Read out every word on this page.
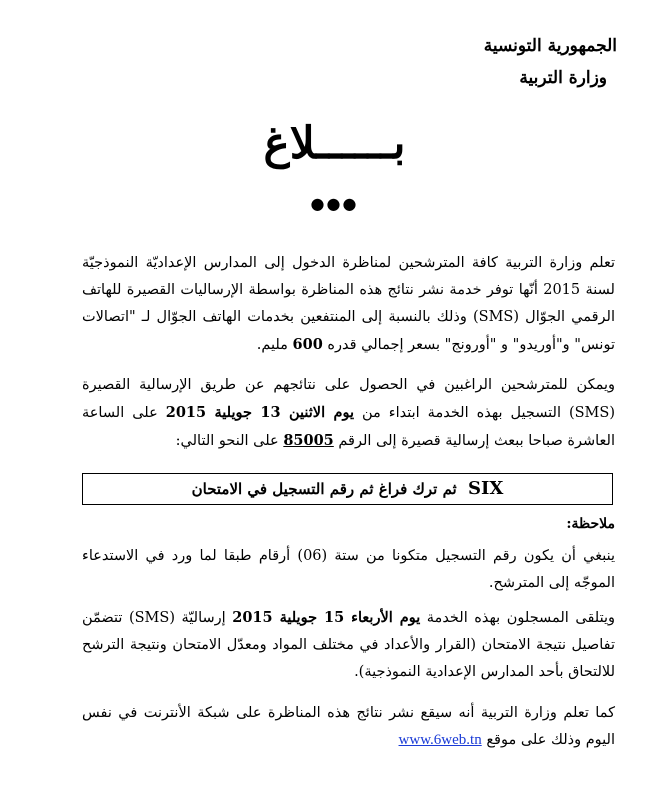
الجمهورية التونسية
وزارة التربية
بــــــلاغ
●●●
تعلم وزارة التربية كافة المترشحين لمناظرة الدخول إلى المدارس الإعداديّة النموذجيّة لسنة 2015 أنّها توفر خدمة نشر نتائج هذه المناظرة بواسطة الإرساليات القصيرة للهاتف الرقمي الجوّال (SMS) وذلك بالنسبة إلى المنتفعين بخدمات الهاتف الجوّال لـ "اتصالات تونس" و"أوريدو" و "أورونج" بسعر إجمالي قدره 600 مليم.
ويمكن للمترشحين الراغبين في الحصول على نتائجهم عن طريق الإرسالية القصيرة (SMS) التسجيل بهذه الخدمة ابتداء من يوم الاثنين 13 جويلية 2015 على الساعة العاشرة صباحا ببعث إرسالية قصيرة إلى الرقم 85005 على النحو التالي:
SIX ثم ترك فراغ ثم رقم التسجيل في الامتحان
ملاحظة:
ينبغي أن يكون رقم التسجيل متكونا من ستة (06) أرقام طبقا لما ورد في الاستدعاء الموجّه إلى المترشح.
ويتلقى المسجلون بهذه الخدمة يوم الأربعاء 15 جويلية 2015 إرساليّة (SMS) تتضمّن تفاصيل نتيجة الامتحان (القرار والأعداد في مختلف المواد ومعدّل الامتحان ونتيجة الترشح للالتحاق بأحد المدارس الإعدادية النموذجية).
كما تعلم وزارة التربية أنه سيقع نشر نتائج هذه المناظرة على شبكة الأنترنت في نفس اليوم وذلك على موقع www.6web.tn
